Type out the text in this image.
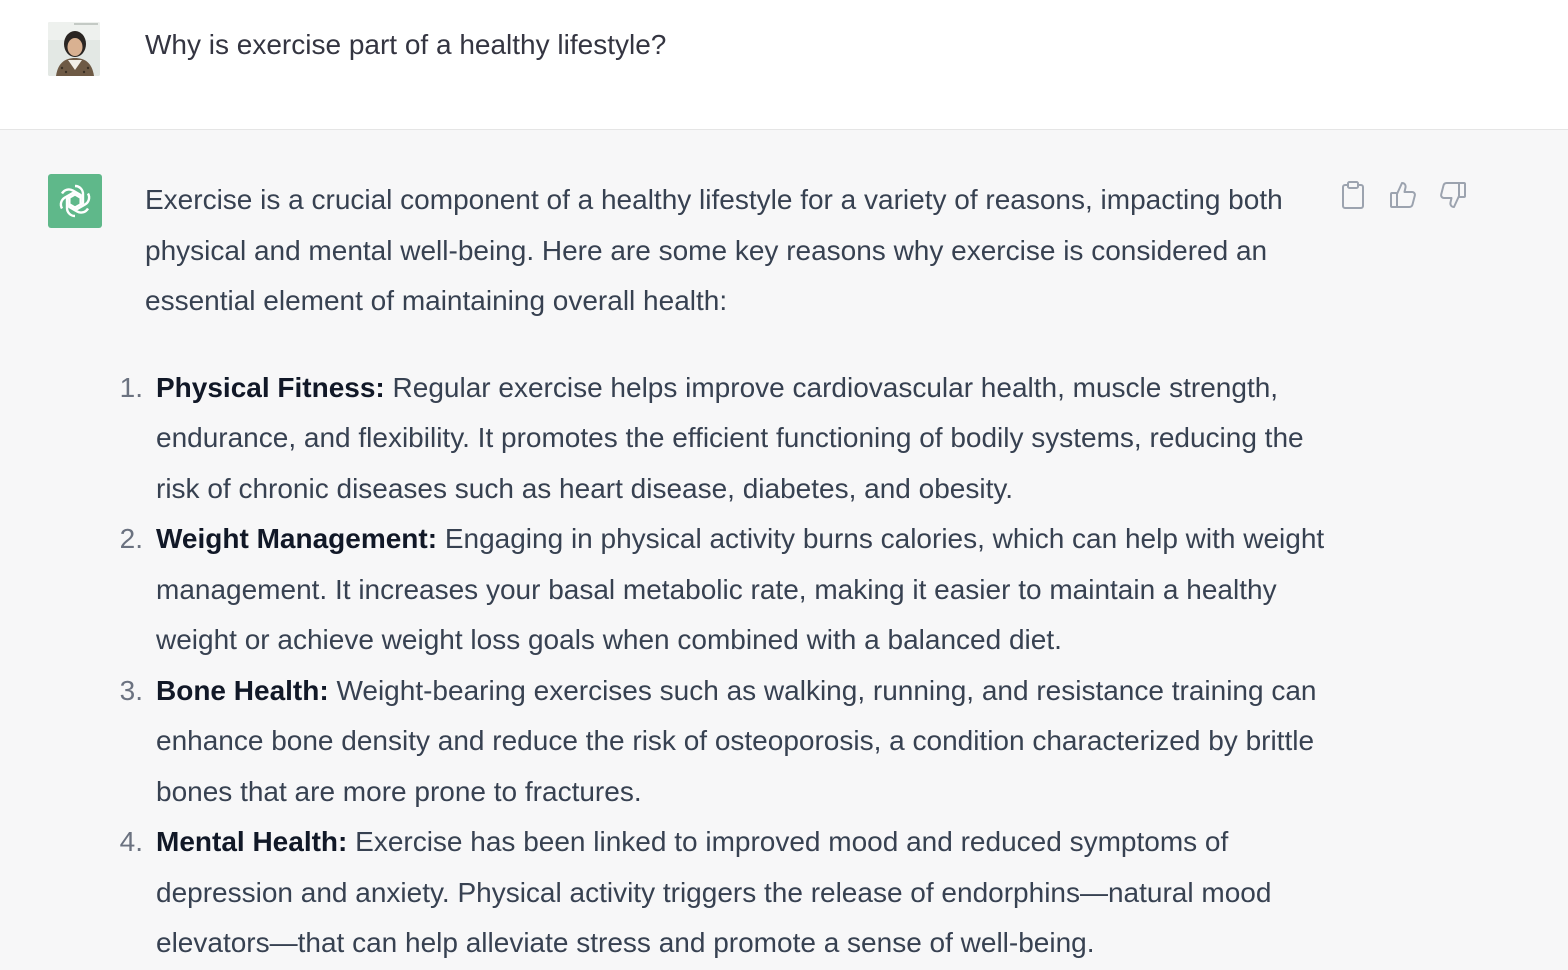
Why is exercise part of a healthy lifestyle?

Exercise is a crucial component of a healthy lifestyle for a variety of reasons, impacting both physical and mental well-being. Here are some key reasons why exercise is considered an essential element of maintaining overall health:

1. Physical Fitness: Regular exercise helps improve cardiovascular health, muscle strength, endurance, and flexibility. It promotes the efficient functioning of bodily systems, reducing the risk of chronic diseases such as heart disease, diabetes, and obesity.
2. Weight Management: Engaging in physical activity burns calories, which can help with weight management. It increases your basal metabolic rate, making it easier to maintain a healthy weight or achieve weight loss goals when combined with a balanced diet.
3. Bone Health: Weight-bearing exercises such as walking, running, and resistance training can enhance bone density and reduce the risk of osteoporosis, a condition characterized by brittle bones that are more prone to fractures.
4. Mental Health: Exercise has been linked to improved mood and reduced symptoms of depression and anxiety. Physical activity triggers the release of endorphins—natural mood elevators—that can help alleviate stress and promote a sense of well-being.
